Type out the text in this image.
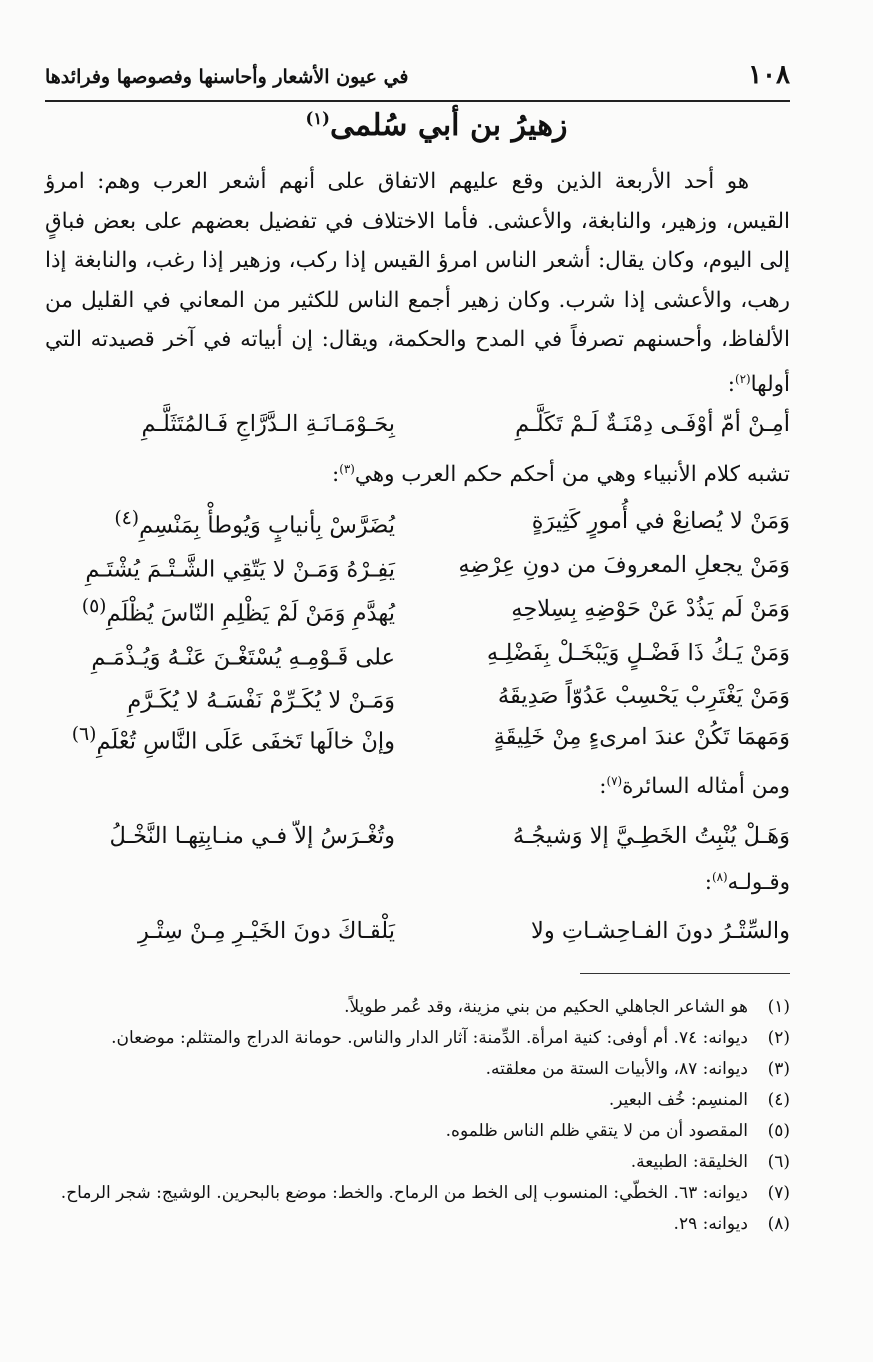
١٠٨
في عيون الأشعار وأحاسنها وفصوصها وفرائدها
زهيرُ بن أبي سُلمى$^{(١)}$

هو أحد الأربعة الذين وقع عليهم الاتفاق على أنهم أشعر العرب وهم: امرؤ القيس، وزهير، والنابغة، والأعشى. فأما الاختلاف في تفضيل بعضهم على بعض فباقٍ إلى اليوم، وكان يقال: أشعر الناس امرؤ القيس إذا ركب، وزهير إذا رغب، والنابغة إذا رهب، والأعشى إذا شرب. وكان زهير أجمع الناس للكثير من المعاني في القليل من الألفاظ، وأحسنهم تصرفاً في المدح والحكمة، ويقال: إن أبياته في آخر قصيدته التي أولها$^{(٢)}$:

أمِـنْ أمّ أوْفَـى دِمْنَـةٌ لَـمْ تَكَلَّـمِ
بِحَـوْمَـانَـةِ الـدَّرَّاجِ فَـالمُتَثَلَّـمِ
تشبه كلام الأنبياء وهي من أحكم حكم العرب وهي$^{(٣)}$:
وَمَنْ لا يُصانِعْ في أُمورٍ كَثِيرَةٍ
يُضَرَّسْ بِأنيابٍ وَيُوطأْ بِمَنْسِمِ$^{(٤)}$
وَمَنْ يجعلِ المعروفَ من دونِ عِرْضِهِ
يَفِـرْهُ وَمَـنْ لا يَتّقِي الشَّـتْـمَ يُشْتَـمِ
وَمَنْ لَم يَذُدْ عَنْ حَوْضِهِ بِسِلاحِهِ
يُهدَّمِ وَمَنْ لَمْ يَظْلِمِ النّاسَ يُظْلَمِ$^{(٥)}$
وَمَنْ يَـكُ ذَا فَضْـلٍ وَيَبْخَـلْ بِفَضْلِـهِ
على قَـوْمِـهِ يُسْتَغْـنَ عَنْـهُ وَيُـذْمَـمِ
وَمَنْ يَغْتَرِبْ يَحْسِبْ عَدُوّاً صَدِيقَهُ
وَمَـنْ لا يُكَـرِّمْ نَفْسَـهُ لا يُكَـرَّمِ
وَمَهمَا تَكُنْ عندَ امرىءٍ مِنْ خَلِيقَةٍ
وإنْ خالَها تَخفَى عَلَى النَّاسِ تُعْلَمِ$^{(٦)}$
ومن أمثاله السائرة$^{(٧)}$:
وَهَـلْ يُنْبِتُ الخَطِـيَّ إلا وَشيجُـهُ
وتُغْـرَسُ إلاّ فـي منـابِتِهـا النَّخْـلُ
وقـولـه$^{(٨)}$:
والسِّتْـرُ دونَ الفـاحِشـاتِ ولا
يَلْقـاكَ دونَ الخَيْـرِ مِـنْ سِتْـرِ
(١)
هو الشاعر الجاهلي الحكيم من بني مزينة، وقد عُمر طويلاً.
(٢)
ديوانه: ٧٤. أم أوفى: كنية امرأة. الدِّمنة: آثار الدار والناس. حومانة الدراج والمتثلم: موضعان.
(٣)
ديوانه: ٨٧، والأبيات الستة من معلقته.
(٤)
المنسِم: خُف البعير.
(٥)
المقصود أن من لا يتقي ظلم الناس ظلموه.
(٦)
الخليقة: الطبيعة.
(٧)
ديوانه: ٦٣. الخطّي: المنسوب إلى الخط من الرماح. والخط: موضع بالبحرين. الوشيج: شجر الرماح.
(٨)
ديوانه: ٢٩.
